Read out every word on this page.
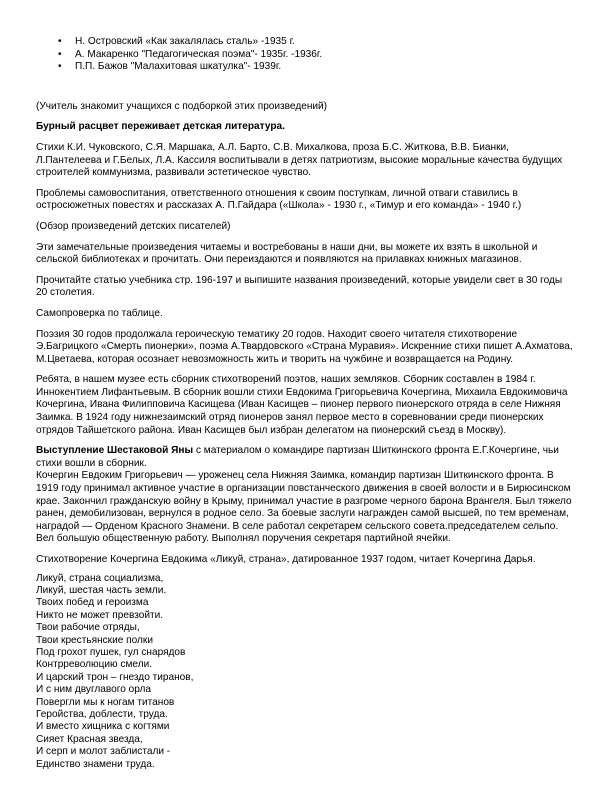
• Н. Островский «Как закалялась сталь» -1935 г.
• А. Макаренко "Педагогическая поэма"- 1935г. -1936г.
• П.П. Бажов "Малахитовая шкатулка"- 1939г.

(Учитель знакомит учащихся с подборкой этих произведений)

Бурный расцвет переживает детская литература.

Стихи К.И. Чуковского, С.Я. Маршака, А.Л. Барто, С.В. Михалкова, проза Б.С. Житкова, В.В. Бианки, Л.Пантелеева и Г.Белых, Л.А. Кассиля воспитывали в детях патриотизм, высокие моральные качества будущих строителей коммунизма, развивали эстетическое чувство.

Проблемы самовоспитания, ответственного отношения к своим поступкам, личной отваги ставились в остросюжетных повестях и рассказах А. П.Гайдара («Школа» - 1930 г., «Тимур и его команда» - 1940 г.)

(Обзор произведений детских писателей)

Эти замечательные произведения читаемы и востребованы в наши дни, вы можете их взять в школьной и сельской библиотеках и прочитать. Они переиздаются и появляются на прилавках книжных магазинов.

Прочитайте статью учебника стр. 196-197 и выпишите названия произведений, которые увидели свет в 30 годы 20 столетия.

Самопроверка по таблице.

Поэзия 30 годов продолжала героическую тематику 20 годов. Находит своего читателя стихотворение Э.Багрицкого «Смерть пионерки», поэма А.Твардовского «Страна Муравия». Искренние стихи пишет А.Ахматова, М.Цветаева, которая осознает невозможность жить и творить на чужбине и возвращается на Родину.

Ребята, в нашем музее есть сборник стихотворений поэтов, наших земляков. Сборник составлен в 1984 г. Иннокентием Лифантьевым. В сборник вошли стихи Евдокима Григорьевича Кочергина, Михаила Евдокимовича Кочергина, Ивана Филипповича Касищева (Иван Касищев – пионер первого пионерского отряда в селе Нижняя Заимка. В 1924 году нижнезаимский отряд пионеров занял первое место в соревновании среди пионерских отрядов Тайшетского района. Иван Касищев был избран делегатом на пионерский съезд в Москву).

Выступление Шестаковой Яны с материалом о командире партизан Шиткинского фронта Е.Г.Кочергине, чьи стихи вошли в сборник.

Кочергин Евдоким Григорьевич — уроженец села Нижняя Заимка, командир партизан Шиткинского фронта. В 1919 году принимал активное участие в организации повстанческого движения в своей волости и в Бирюсинском крае. Закончил гражданскую войну в Крыму, принимал участие в разгроме черного барона Врангеля. Был тяжело ранен, демобилизован, вернулся в родное село. За боевые заслуги награжден самой высшей, по тем временам, наградой — Орденом Красного Знамени. В селе работал секретарем сельского совета.председателем сельпо. Вел большую общественную работу. Выполнял поручения секретаря партийной ячейки.

Стихотворение Кочергина Евдокима «Ликуй, страна», датированное 1937 годом, читает Кочергина Дарья.

Ликуй, страна социализма,
Ликуй, шестая часть земли.
Твоих побед и героизма
Никто не может превзойти.
Твои рабочие отряды,
Твои крестьянские полки
Под грохот пушек, гул снарядов
Контрреволюцию смели.
И царский трон – гнездо тиранов,
И с ним двуглавого орла
Повергли мы к ногам титанов
Геройства, доблести, труда.
И вместо хищника с когтями
Сияет Красная звезда,
И серп и молот заблистали -
Единство знамени труда.
